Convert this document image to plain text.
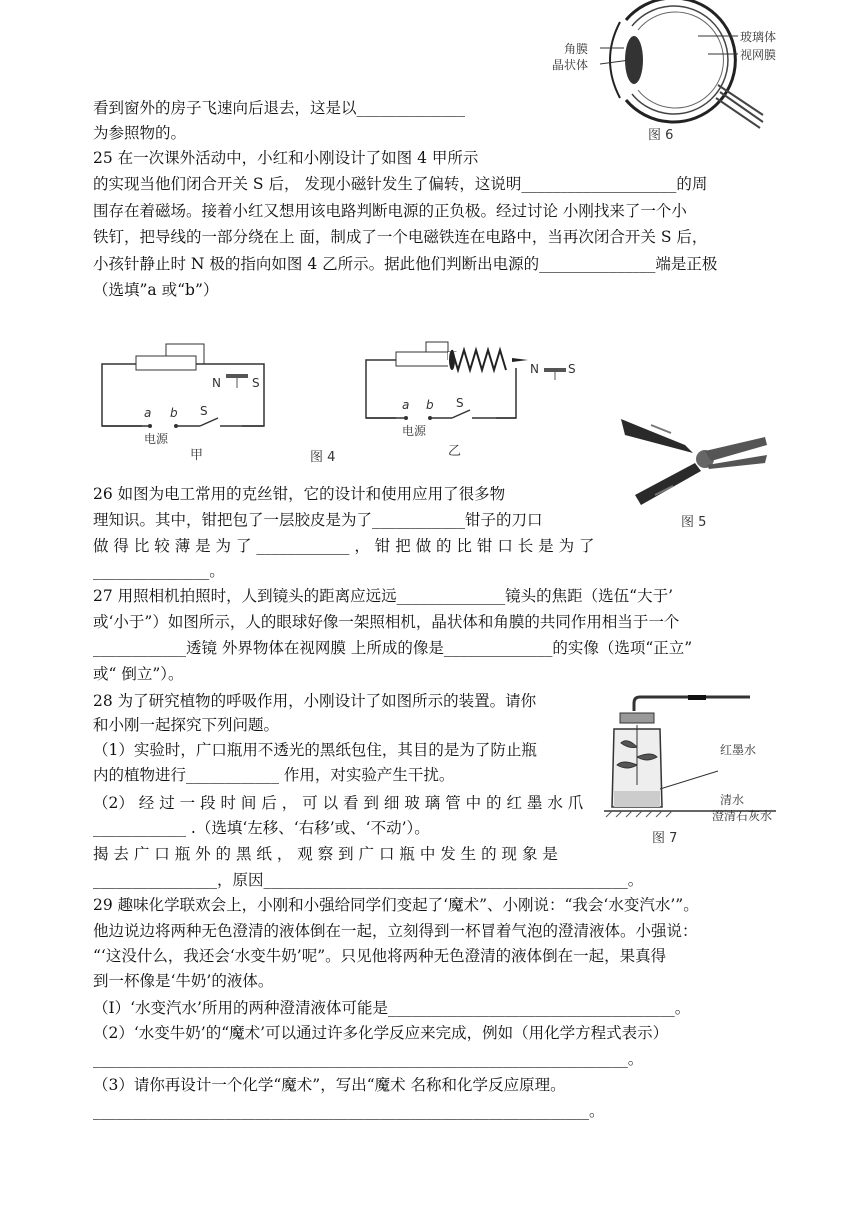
角膜
晶状体
玻璃体
视网膜
图 6
看到窗外的房子飞速向后退去，这是以______________
为参照物的。
25 在一次课外活动中，小红和小刚设计了如图 4 甲所示
的实现当他们闭合开关 S 后， 发现小磁针发生了偏转，这说明____________________的周
围存在着磁场。接着小红又想用该电路判断电源的正负极。经过讨论 小刚找来了一个小
铁钉，把导线的一部分绕在上 面，制成了一个电磁铁连在电路中，当再次闭合开关 S 后，
小孩针静止时 N 极的指向如图 4 乙所示。据此他们判断出电源的_______________端是正极
（选填”a 或“b”）
a b S
N	S
电源
甲	图 4
a b S
N S
电源
乙
图 5
26 如图为电工常用的克丝钳，它的设计和使用应用了很多物
理知识。其中，钳把包了一层胶皮是为了____________钳子的刀口
做 得 比 较 薄 是 为 了 ____________ ， 钳 把 做 的 比 钳 口 长 是 为 了
_______________。
27 用照相机拍照时，人到镜头的距离应远远______________镜头的焦距（选伍“大于’
或‘小于”）如图所示，人的眼球好像一架照相机，晶状体和角膜的共同作用相当于一个
____________透镜 外界物体在视网膜 上所成的像是______________的实像（选项“正立”
或“ 倒立”）。
红墨水
清水
澄清石灰水
图 7
28 为了研究植物的呼吸作用，小刚设计了如图所示的装置。请你
和小刚一起探究下列问题。
（1）实验时，广口瓶用不透光的黑纸包住，其目的是为了防止瓶
内的植物进行____________ 作用，对实验产生干扰。
（2） 经 过 一 段 时 间 后 ， 可 以 看 到 细 玻 璃 管 中 的 红 墨 水 爪
____________ .（选填‘左移、‘右移’或、‘不动’）。
揭 去 广 口 瓶 外 的 黑 纸 ， 观 察 到 广 口 瓶 中 发 生 的 现 象 是
________________，原因_______________________________________________。
29 趣味化学联欢会上，小刚和小强给同学们变起了‘魔术”、小刚说：“我会‘水变汽水’”。
他边说边将两种无色澄清的液体倒在一起，立刻得到一杯冒着气泡的澄清液体。小强说：
“‘这没什么，我还会‘水变牛奶’呢”。只见他将两种无色澄清的液体倒在一起，果真得
到一杯像是‘牛奶’的液体。
（I）‘水变汽水’所用的两种澄清液体可能是_____________________________________。
（2）‘水变牛奶’的“魔术’可以通过许多化学反应来完成，例如（用化学方程式表示）
_____________________________________________________________________。
（3）请你再设计一个化学“魔术”，写出“魔术 名称和化学反应原理。
________________________________________________________________。
